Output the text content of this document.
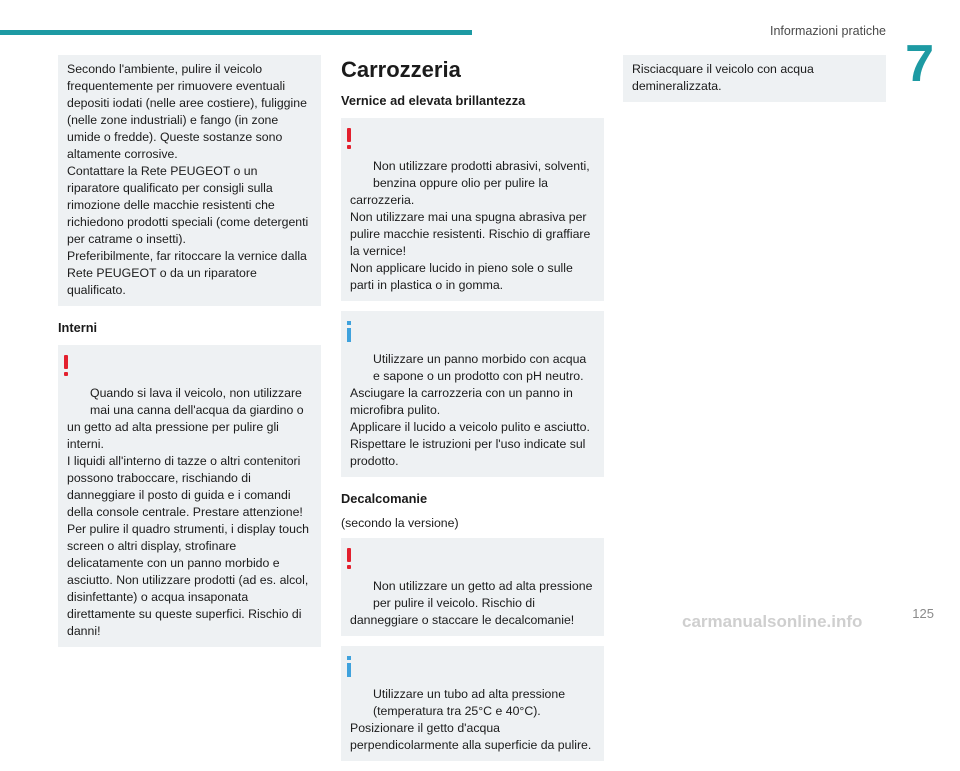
Informazioni pratiche
7
Secondo l'ambiente, pulire il veicolo frequentemente per rimuovere eventuali depositi iodati (nelle aree costiere), fuliggine (nelle zone industriali) e fango (in zone umide o fredde). Queste sostanze sono altamente corrosive.
Contattare la Rete PEUGEOT o un riparatore qualificato per consigli sulla rimozione delle macchie resistenti che richiedono prodotti speciali (come detergenti per catrame o insetti).
Preferibilmente, far ritoccare la vernice dalla Rete PEUGEOT o da un riparatore qualificato.
Interni

Quando si lava il veicolo, non utilizzare mai una canna dell'acqua da giardino o
un getto ad alta pressione per pulire gli interni.
I liquidi all'interno di tazze o altri contenitori possono traboccare, rischiando di danneggiare il posto di guida e i comandi della console centrale. Prestare attenzione!
Per pulire il quadro strumenti, i display touch screen o altri display, strofinare delicatamente con un panno morbido e asciutto. Non utilizzare prodotti (ad es. alcol, disinfettante) o acqua insaponata direttamente su queste superfici. Rischio di danni!

Carrozzeria
Vernice ad elevata brillantezza

Non utilizzare prodotti abrasivi, solventi, benzina oppure olio per pulire la
carrozzeria.
Non utilizzare mai una spugna abrasiva per pulire macchie resistenti. Rischio di graffiare la vernice!
Non applicare lucido in pieno sole o sulle parti in plastica o in gomma.

Utilizzare un panno morbido con acqua e sapone o un prodotto con pH neutro.
Asciugare la carrozzeria con un panno in microfibra pulito.
Applicare il lucido a veicolo pulito e asciutto.
Rispettare le istruzioni per l'uso indicate sul prodotto.

Decalcomanie
(secondo la versione)

Non utilizzare un getto ad alta pressione per pulire il veicolo. Rischio di
danneggiare o staccare le decalcomanie!

Utilizzare un tubo ad alta pressione (temperatura tra 25°C e 40°C).
Posizionare il getto d'acqua perpendicolarmente alla superficie da pulire.

Risciacquare il veicolo con acqua demineralizzata.
125
carmanualsonline.info
